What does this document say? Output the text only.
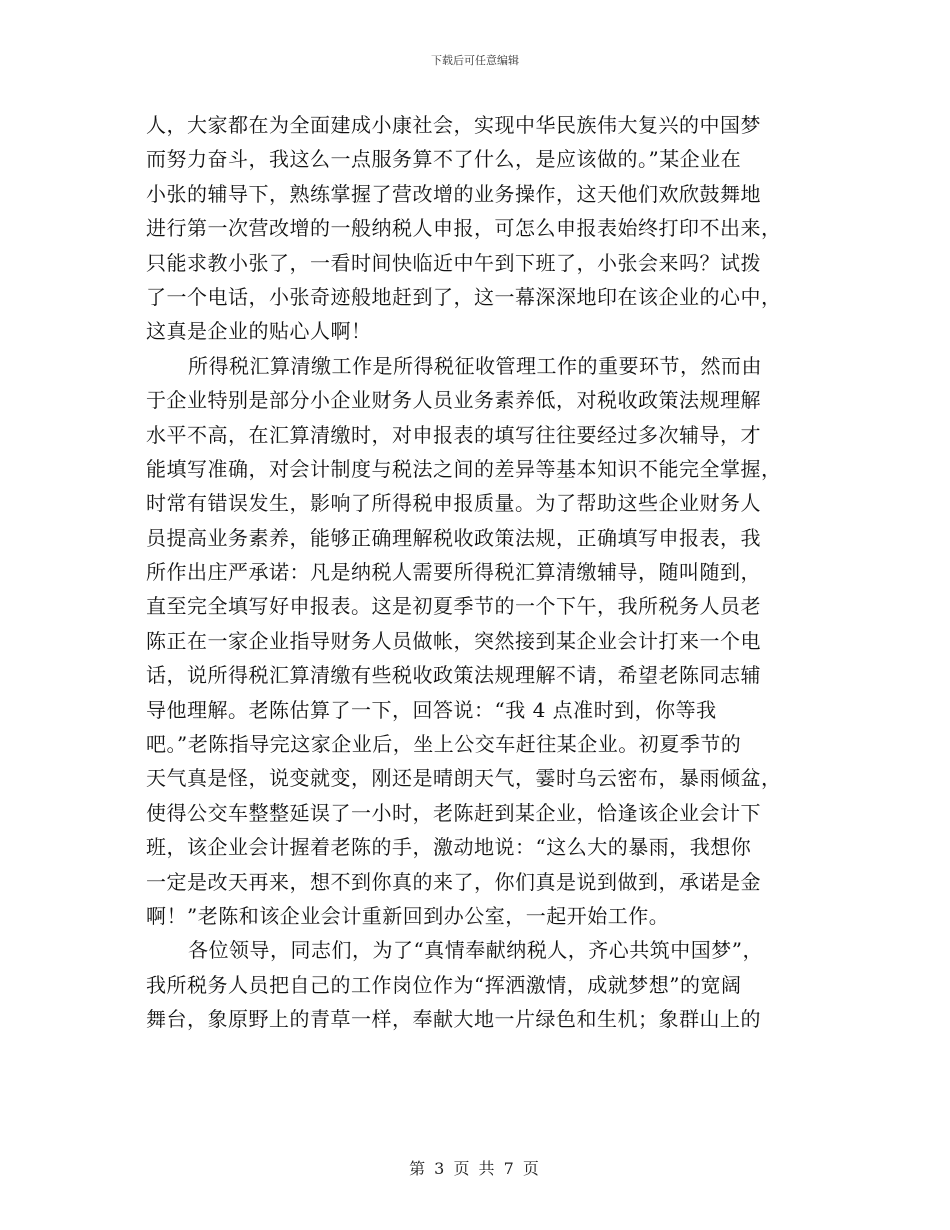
下载后可任意编辑
人，大家都在为全面建成小康社会，实现中华民族伟大复兴的中国梦
而努力奋斗，我这么一点服务算不了什么，是应该做的。”某企业在
小张的辅导下，熟练掌握了营改增的业务操作，这天他们欢欣鼓舞地
进行第一次营改增的一般纳税人申报，可怎么申报表始终打印不出来，
只能求教小张了，一看时间快临近中午到下班了，小张会来吗？试拨
了一个电话，小张奇迹般地赶到了，这一幕深深地印在该企业的心中，
这真是企业的贴心人啊！
所得税汇算清缴工作是所得税征收管理工作的重要环节，然而由
于企业特别是部分小企业财务人员业务素养低，对税收政策法规理解
水平不高，在汇算清缴时，对申报表的填写往往要经过多次辅导，才
能填写准确，对会计制度与税法之间的差异等基本知识不能完全掌握，
时常有错误发生，影响了所得税申报质量。为了帮助这些企业财务人
员提高业务素养，能够正确理解税收政策法规，正确填写申报表，我
所作出庄严承诺：凡是纳税人需要所得税汇算清缴辅导，随叫随到，
直至完全填写好申报表。这是初夏季节的一个下午，我所税务人员老
陈正在一家企业指导财务人员做帐，突然接到某企业会计打来一个电
话，说所得税汇算清缴有些税收政策法规理解不请，希望老陈同志辅
导他理解。老陈估算了一下，回答说：“我 4 点准时到，你等我
吧。”老陈指导完这家企业后，坐上公交车赶往某企业。初夏季节的
天气真是怪，说变就变，刚还是晴朗天气，霎时乌云密布，暴雨倾盆，
使得公交车整整延误了一小时，老陈赶到某企业，恰逢该企业会计下
班，该企业会计握着老陈的手，激动地说：“这么大的暴雨，我想你
一定是改天再来，想不到你真的来了，你们真是说到做到，承诺是金
啊！”老陈和该企业会计重新回到办公室，一起开始工作。
各位领导，同志们，为了“真情奉献纳税人，齐心共筑中国梦”，
我所税务人员把自己的工作岗位作为“挥洒激情，成就梦想”的宽阔
舞台，象原野上的青草一样，奉献大地一片绿色和生机；象群山上的
第 3 页 共 7 页
